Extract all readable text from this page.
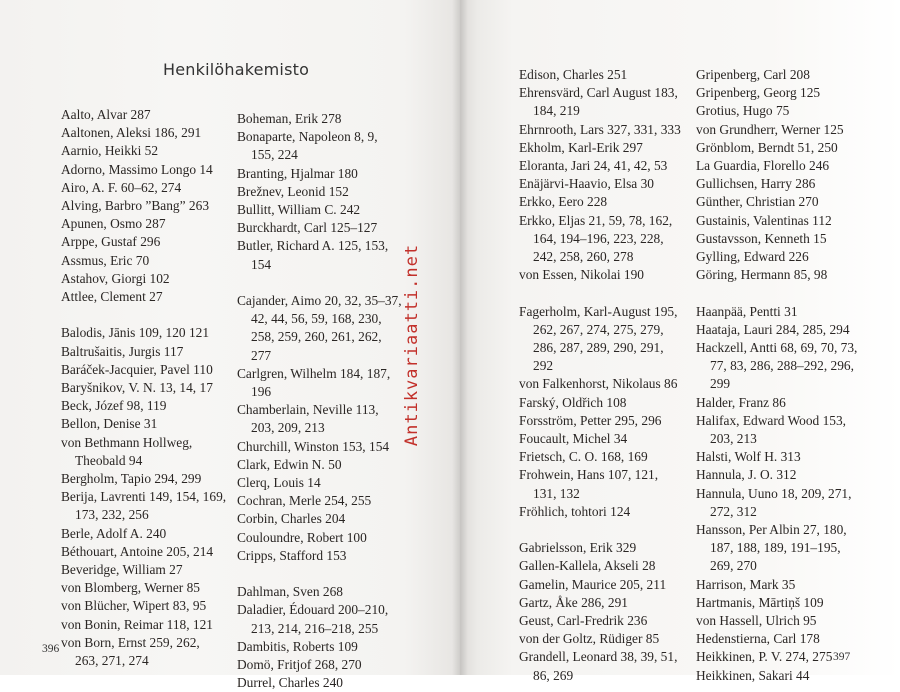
Henkilöhakemisto
Aalto, Alvar 287
Aaltonen, Aleksi 186, 291
Aarnio, Heikki 52
Adorno, Massimo Longo 14
Airo, A. F. 60–62, 274
Alving, Barbro ”Bang” 263
Apunen, Osmo 287
Arppe, Gustaf 296
Assmus, Eric 70
Astahov, Giorgi 102
Attlee, Clement 27
Balodis, Jānis 109, 120 121
Baltrušaitis, Jurgis 117
Baráček-Jacquier, Pavel 110
Baryšnikov, V. N. 13, 14, 17
Beck, Józef 98, 119
Bellon, Denise 31
von Bethmann Hollweg,
Theobald 94
Bergholm, Tapio 294, 299
Berija, Lavrenti 149, 154, 169,
173, 232, 256
Berle, Adolf A. 240
Béthouart, Antoine 205, 214
Beveridge, William 27
von Blomberg, Werner 85
von Blücher, Wipert 83, 95
von Bonin, Reimar 118, 121
von Born, Ernst 259, 262,
263, 271, 274
Boheman, Erik 278
Bonaparte, Napoleon 8, 9,
155, 224
Branting, Hjalmar 180
Brežnev, Leonid 152
Bullitt, William C. 242
Burckhardt, Carl 125–127
Butler, Richard A. 125, 153,
154
Cajander, Aimo 20, 32, 35–37,
42, 44, 56, 59, 168, 230,
258, 259, 260, 261, 262,
277
Carlgren, Wilhelm 184, 187,
196
Chamberlain, Neville 113,
203, 209, 213
Churchill, Winston 153, 154
Clark, Edwin N. 50
Clerq, Louis 14
Cochran, Merle 254, 255
Corbin, Charles 204
Couloundre, Robert 100
Cripps, Stafford 153
Dahlman, Sven 268
Daladier, Édouard 200–210,
213, 214, 216–218, 255
Dambitis, Roberts 109
Domö, Fritjof 268, 270
Durrel, Charles 240
Edison, Charles 251
Ehrensvärd, Carl August 183,
184, 219
Ehrnrooth, Lars 327, 331, 333
Ekholm, Karl-Erik 297
Eloranta, Jari 24, 41, 42, 53
Enäjärvi-Haavio, Elsa 30
Erkko, Eero 228
Erkko, Eljas 21, 59, 78, 162,
164, 194–196, 223, 228,
242, 258, 260, 278
von Essen, Nikolai 190
Fagerholm, Karl-August 195,
262, 267, 274, 275, 279,
286, 287, 289, 290, 291,
292
von Falkenhorst, Nikolaus 86
Farský, Oldřich 108
Forsström, Petter 295, 296
Foucault, Michel 34
Frietsch, C. O. 168, 169
Frohwein, Hans 107, 121,
131, 132
Fröhlich, tohtori 124
Gabrielsson, Erik 329
Gallen-Kallela, Akseli 28
Gamelin, Maurice 205, 211
Gartz, Åke 286, 291
Geust, Carl-Fredrik 236
von der Goltz, Rüdiger 85
Grandell, Leonard 38, 39, 51,
86, 269
Gripenberg, Carl 208
Gripenberg, Georg 125
Grotius, Hugo 75
von Grundherr, Werner 125
Grönblom, Berndt 51, 250
La Guardia, Florello 246
Gullichsen, Harry 286
Günther, Christian 270
Gustainis, Valentinas 112
Gustavsson, Kenneth 15
Gylling, Edward 226
Göring, Hermann 85, 98
Haanpää, Pentti 31
Haataja, Lauri 284, 285, 294
Hackzell, Antti 68, 69, 70, 73,
77, 83, 286, 288–292, 296,
299
Halder, Franz 86
Halifax, Edward Wood 153,
203, 213
Halsti, Wolf H. 313
Hannula, J. O. 312
Hannula, Uuno 18, 209, 271,
272, 312
Hansson, Per Albin 27, 180,
187, 188, 189, 191–195,
269, 270
Harrison, Mark 35
Hartmanis, Mārtiņš 109
von Hassell, Ulrich 95
Hedenstierna, Carl 178
Heikkinen, P. V. 274, 275
Heikkinen, Sakari 44
396
397
Antikvariaatti.net
